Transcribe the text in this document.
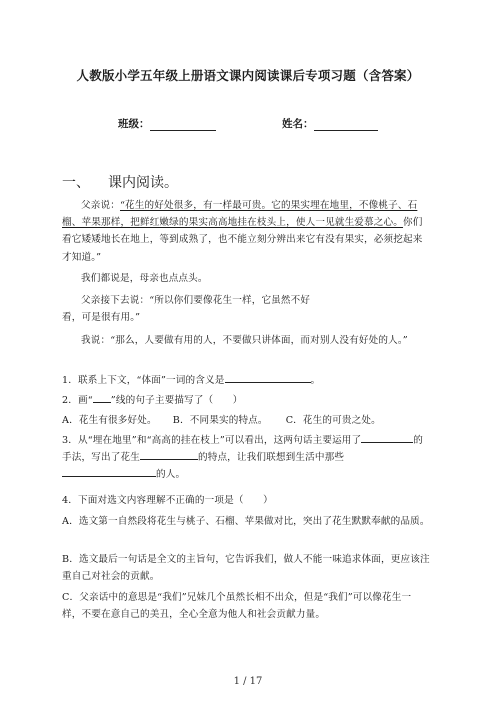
人教版小学五年级上册语文课内阅读课后专项习题（含答案）
班级：	姓名：
一、 课内阅读。
父亲说：“花生的好处很多，有一样最可贵。它的果实埋在地里，不像桃子、石榴、苹果那样，把鲜红嫩绿的果实高高地挂在枝头上，使人一见就生爱慕之心。你们看它矮矮地长在地上，等到成熟了，也不能立刻分辨出来它有没有果实，必须挖起来才知道。”
我们都说是，母亲也点点头。
父亲接下去说：“所以你们要像花生一样，它虽然不好看，可是很有用。”
我说：“那么，人要做有用的人，不要做只讲体面，而对别人没有好处的人。”
1．联系上下文，“体面”一词的含义是	。
2．画“ ”线的句子主要描写了（　　）
A．花生有很多好处。 B．不同果实的特点。 C．花生的可贵之处。
3．从“埋在地里”和“高高的挂在枝上”可以看出，这两句话主要运用了	的手法，写出了花生	的特点，让我们联想到生活中那些的人。
4．下面对选文内容理解不正确的一项是（　　）
A．选文第一自然段将花生与桃子、石榴、苹果做对比，突出了花生默默奉献的品质。
B．选文最后一句话是全文的主旨句，它告诉我们，做人不能一味追求体面，更应该注重自己对社会的贡献。
C．父亲话中的意思是“我们”兄妹几个虽然长相不出众，但是“我们”可以像花生一样，不要在意自己的美丑，全心全意为他人和社会贡献力量。
1 / 17
